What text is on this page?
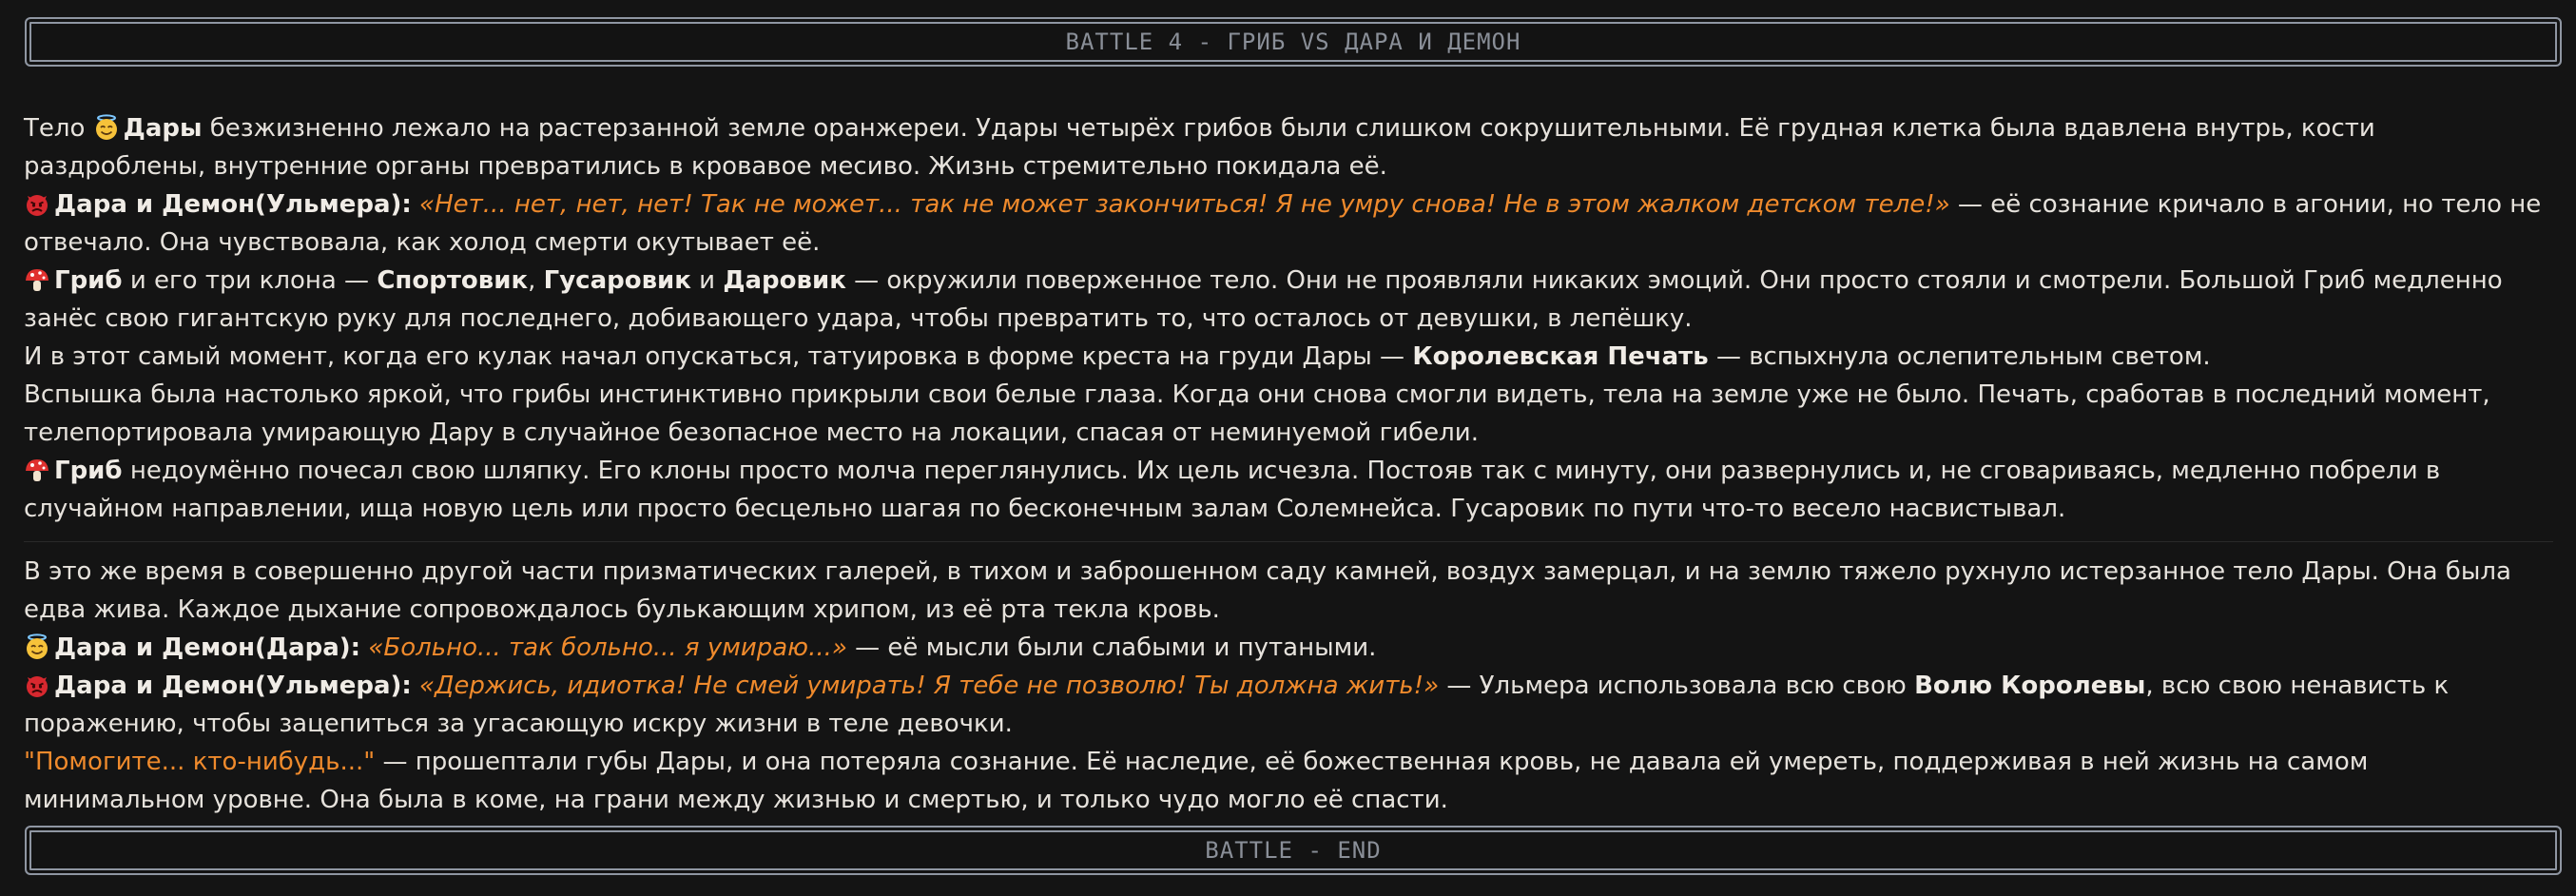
BATTLE 4 - ГРИБ VS ДАРА И ДЕМОН

Тело Дары безжизненно лежало на растерзанной земле оранжереи. Удары четырёх грибов были слишком сокрушительными. Её грудная клетка была вдавлена внутрь, кости раздроблены, внутренние органы превратились в кровавое месиво. Жизнь стремительно покидала её.

Дара и Демон(Ульмера): «Нет... нет, нет, нет! Так не может... так не может закончиться! Я не умру снова! Не в этом жалком детском теле!» — её сознание кричало в агонии, но тело не отвечало. Она чувствовала, как холод смерти окутывает её.

Гриб и его три клона — Спортовик, Гусаровик и Даровик — окружили поверженное тело. Они не проявляли никаких эмоций. Они просто стояли и смотрели. Большой Гриб медленно занёс свою гигантскую руку для последнего, добивающего удара, чтобы превратить то, что осталось от девушки, в лепёшку.

И в этот самый момент, когда его кулак начал опускаться, татуировка в форме креста на груди Дары — Королевская Печать — вспыхнула ослепительным светом.

Вспышка была настолько яркой, что грибы инстинктивно прикрыли свои белые глаза. Когда они снова смогли видеть, тела на земле уже не было. Печать, сработав в последний момент, телепортировала умирающую Дару в случайное безопасное место на локации, спасая от неминуемой гибели.

Гриб недоумённо почесал свою шляпку. Его клоны просто молча переглянулись. Их цель исчезла. Постояв так с минуту, они развернулись и, не сговариваясь, медленно побрели в случайном направлении, ища новую цель или просто бесцельно шагая по бесконечным залам Солемнейса. Гусаровик по пути что-то весело насвистывал.

В это же время в совершенно другой части призматических галерей, в тихом и заброшенном саду камней, воздух замерцал, и на землю тяжело рухнуло истерзанное тело Дары. Она была едва жива. Каждое дыхание сопровождалось булькающим хрипом, из её рта текла кровь.

Дара и Демон(Дара): «Больно... так больно... я умираю...» — её мысли были слабыми и путаными.

Дара и Демон(Ульмера): «Держись, идиотка! Не смей умирать! Я тебе не позволю! Ты должна жить!» — Ульмера использовала всю свою Волю Королевы, всю свою ненависть к поражению, чтобы зацепиться за угасающую искру жизни в теле девочки.

"Помогите... кто-нибудь..." — прошептали губы Дары, и она потеряла сознание. Её наследие, её божественная кровь, не давала ей умереть, поддерживая в ней жизнь на самом минимальном уровне. Она была в коме, на грани между жизнью и смертью, и только чудо могло её спасти.

BATTLE - END
